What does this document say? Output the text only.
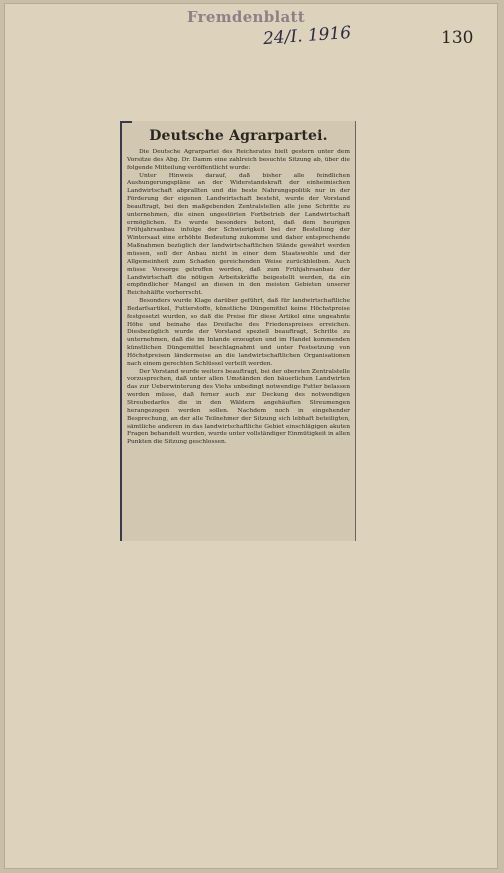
Fremdenblatt
24/I. 1916	130
Deutsche Agrarpartei.

Die Deutsche Agrarpartei des Reichsrates hielt gestern unter dem Vorsitze des Abg. Dr. Damm eine zahlreich besuchte Sitzung ab, über die folgende Mitteilung veröffentlicht wurde:

Unter Hinweis darauf, daß bisher alle feindlichen Aushungerungspläne an der Widerstandskraft der einheimischen Landwirtschaft abprallten und die beste Nahrungspolitik nur in der Förderung der eigenen Landwirtschaft besteht, wurde der Vorstand beauftragt, bei den maßgebenden Zentralstellen alle jene Schritte zu unternehmen, die einen ungestörten Fortbetrieb der Landwirtschaft ermöglichen. Es wurde besonders betont, daß dem heurigen Frühjahrsanbau infolge der Schwierigkeit bei der Bestellung der Wintersaat eine erhöhte Bedeutung zukomme und daher entsprechende Maßnahmen bezüglich der landwirtschaftlichen Stände gewährt werden müssen, soll der Anbau nicht in einer dem Staatswohle und der Allgemeinheit zum Schaden gereichenden Weise zurückbleiben. Auch müsse Vorsorge getroffen werden, daß zum Frühjahrsanbau der Landwirtschaft die nötigen Arbeitskräfte beigestellt werden, da ein empfindlicher Mangel an diesen in den meisten Gebieten unserer Reichshälfte vorherrscht.

Besonders wurde Klage darüber geführt, daß für landwirtschaftliche Bedarfsartikel, Futterstoffe, künstliche Düngemittel keine Höchstpreise festgesetzt wurden, so daß die Preise für diese Artikel eine ungeahnte Höhe und beinahe das Dreifache des Friedenspreises erreichen. Diesbezüglich wurde der Vorstand speziell beauftragt, Schritte zu unternehmen, daß die im Inlande erzeugten und im Handel kommenden künstlichen Düngemittel beschlagnahmt und unter Festsetzung von Höchstpreisen ländermeise an die landwirtschaftlichen Organisationen nach einem gerechten Schlüssel verteilt werden.

Der Vorstand wurde weiters beauftragt, bei der obersten Zentralstelle vorzusprechen, daß unter allen Umständen den bäuerlichen Landwirten das zur Ueberwinterung des Viehs unbedingt notwendige Futter belassen werden müsse, daß ferner auch zur Deckung des notwendigen Streubedarfes die in den Wäldern angehäuften Streumengen herangezogen werden sollen. Nachdem noch in eingehender Besprechung, an der alle Teilnehmer der Sitzung sich lebhaft beteiligten, sämtliche anderen in das landwirtschaftliche Gebiet einschlägigen akuten Fragen behandelt wurden, wurde unter vollständiger Einmütigkeit in allen Punkten die Sitzung geschlossen.
